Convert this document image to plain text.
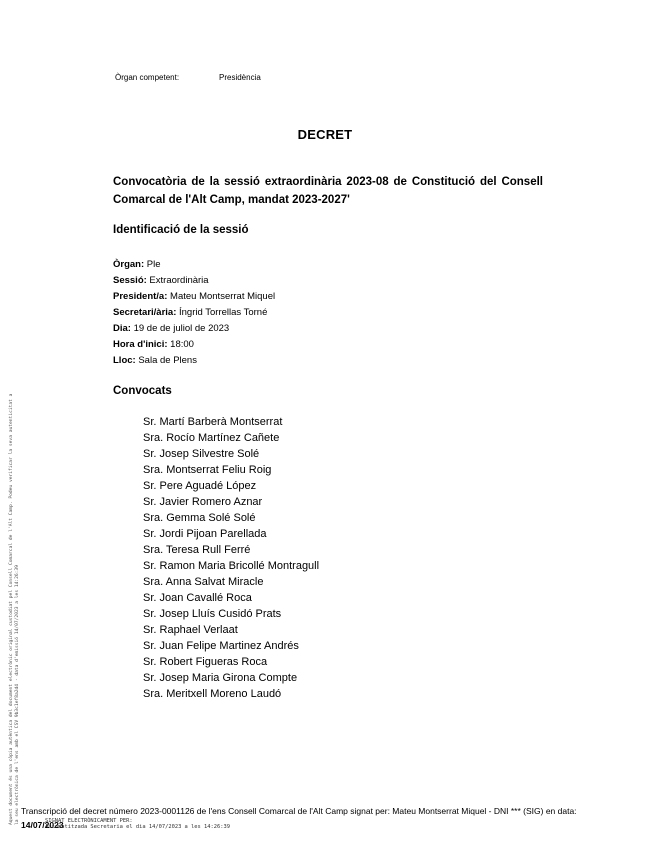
Òrgan competent:	Presidència
DECRET
Convocatòria de la sessió extraordinària 2023-08 de Constitució del Consell Comarcal de l'Alt Camp, mandat 2023-2027'
Identificació de la sessió
Òrgan: Ple
Sessió: Extraordinària
President/a: Mateu Montserrat Miquel
Secretari/ària: Íngrid Torrellas Torné
Dia: 19 de de juliol de 2023
Hora d'inici: 18:00
Lloc: Sala de Plens
Convocats
Sr. Martí Barberà Montserrat
Sra. Rocío Martínez Cañete
Sr. Josep Silvestre Solé
Sra. Montserrat Feliu Roig
Sr. Pere Aguadé López
Sr. Javier Romero Aznar
Sra. Gemma Solé Solé
Sr. Jordi Pijoan Parellada
Sra. Teresa Rull Ferré
Sr. Ramon Maria Bricollé Montragull
Sra. Anna Salvat Miracle
Sr. Joan Cavallé Roca
Sr. Josep Lluís Cusidó Prats
Sr. Raphael Verlaat
Sr. Juan Felipe Martinez Andrés
Sr. Robert Figueras Roca
Sr. Josep Maria Girona Compte
Sra. Meritxell Moreno Laudó
Aquest document és una còpia autèntica del document electrònic original custodiat pel Consell Comarcal de l'Alt Camp. Podeu verificar la seva autenticitat a la seu electrònica de l'ens amb el CSV 9b3c1ef8a2d4 · data d'emissió 14/07/2023 a les 14:26:39 Transcripció del decret número 2023-0001126 de l'ens Consell Comarcal de l'Alt Camp signat per: Mateu Montserrat Miquel - DNI *** (SIG) en data:
14/07/2023
SIGNAT ELECTRÒNICAMENT PER:
Automatitzada Secretaria el dia 14/07/2023 a les 14:26:39
